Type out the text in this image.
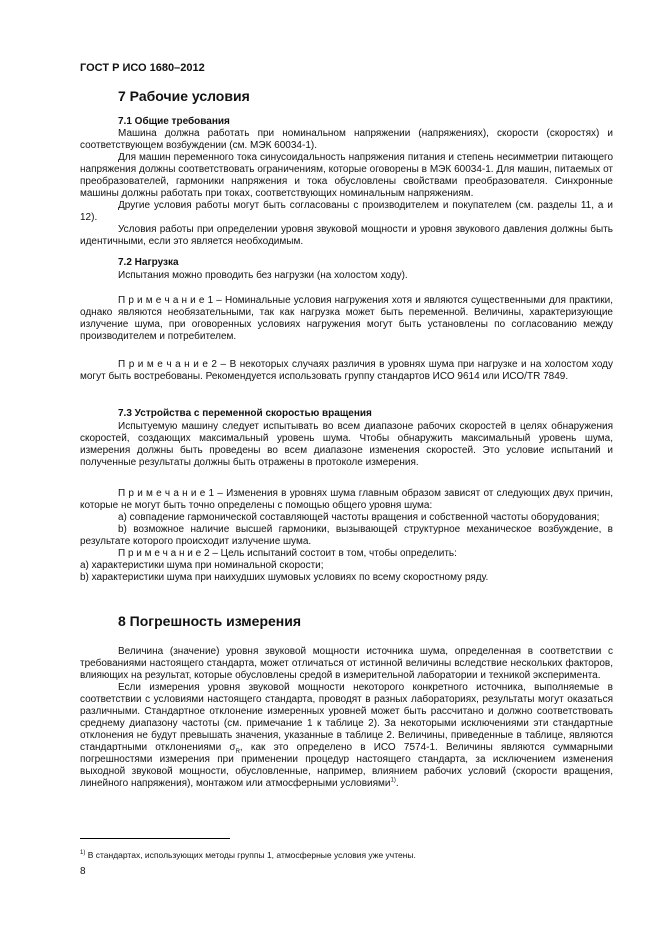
ГОСТ Р ИСО 1680–2012
7 Рабочие условия
7.1 Общие требования

Машина должна работать при номинальном напряжении (напряжениях), скорости (скоростях) и соответствующем возбуждении (см. МЭК 60034-1).

Для машин переменного тока синусоидальность напряжения питания и степень несимметрии питающего напряжения должны соответствовать ограничениям, которые оговорены в МЭК 60034-1. Для машин, питаемых от преобразователей, гармоники напряжения и тока обусловлены свойствами преобразователя. Синхронные машины должны работать при токах, соответствующих номинальным напряжениям.

Другие условия работы могут быть согласованы с производителем и покупателем (см. разделы 11, а и 12).

Условия работы при определении уровня звуковой мощности и уровня звукового давления должны быть идентичными, если это является необходимым.

7.2 Нагрузка

Испытания можно проводить без нагрузки (на холостом ходу).

П р и м е ч а н и е 1 – Номинальные условия нагружения хотя и являются существенными для практики, однако являются необязательными, так как нагрузка может быть переменной. Величины, характеризующие излучение шума, при оговоренных условиях нагружения могут быть установлены по согласованию между производителем и потребителем.

П р и м е ч а н и е 2 – В некоторых случаях различия в уровнях шума при нагрузке и на холостом ходу могут быть востребованы. Рекомендуется использовать группу стандартов ИСО 9614 или ИСО/TR 7849.

7.3 Устройства с переменной скоростью вращения

Испытуемую машину следует испытывать во всем диапазоне рабочих скоростей в целях обнаружения скоростей, создающих максимальный уровень шума. Чтобы обнаружить максимальный уровень шума, измерения должны быть проведены во всем диапазоне изменения скоростей. Это условие испытаний и полученные результаты должны быть отражены в протоколе измерения.

П р и м е ч а н и е 1 – Изменения в уровнях шума главным образом зависят от следующих двух причин, которые не могут быть точно определены с помощью общего уровня шума:

а) совпадение гармонической составляющей частоты вращения и собственной частоты оборудования;

b) возможное наличие высшей гармоники, вызывающей структурное механическое возбуждение, в результате которого происходит излучение шума.

П р и м е ч а н и е 2 – Цель испытаний состоит в том, чтобы определить:

а) характеристики шума при номинальной скорости;

b) характеристики шума при наихудших шумовых условиях по всему скоростному ряду.

8 Погрешность измерения

Величина (значение) уровня звуковой мощности источника шума, определенная в соответствии с требованиями настоящего стандарта, может отличаться от истинной величины вследствие нескольких факторов, влияющих на результат, которые обусловлены средой в измерительной лаборатории и техникой эксперимента.

Если измерения уровня звуковой мощности некоторого конкретного источника, выполняемые в соответствии с условиями настоящего стандарта, проводят в разных лабораториях, результаты могут оказаться различными. Стандартное отклонение измеренных уровней может быть рассчитано и должно соответствовать среднему диапазону частоты (см. примечание 1 к таблице 2). За некоторыми исключениями эти стандартные отклонения не будут превышать значения, указанные в таблице 2. Величины, приведенные в таблице, являются стандартными отклонениями $\sigma_R$, как это определено в ИСО 7574-1. Величины являются суммарными погрешностями измерения при применении процедур настоящего стандарта, за исключением изменения выходной звуковой мощности, обусловленные, например, влиянием рабочих условий (скорости вращения, линейного напряжения), монтажом или атмосферными условиями$^{1)}$.

$^{1)}$ В стандартах, использующих методы группы 1, атмосферные условия уже учтены.
8
